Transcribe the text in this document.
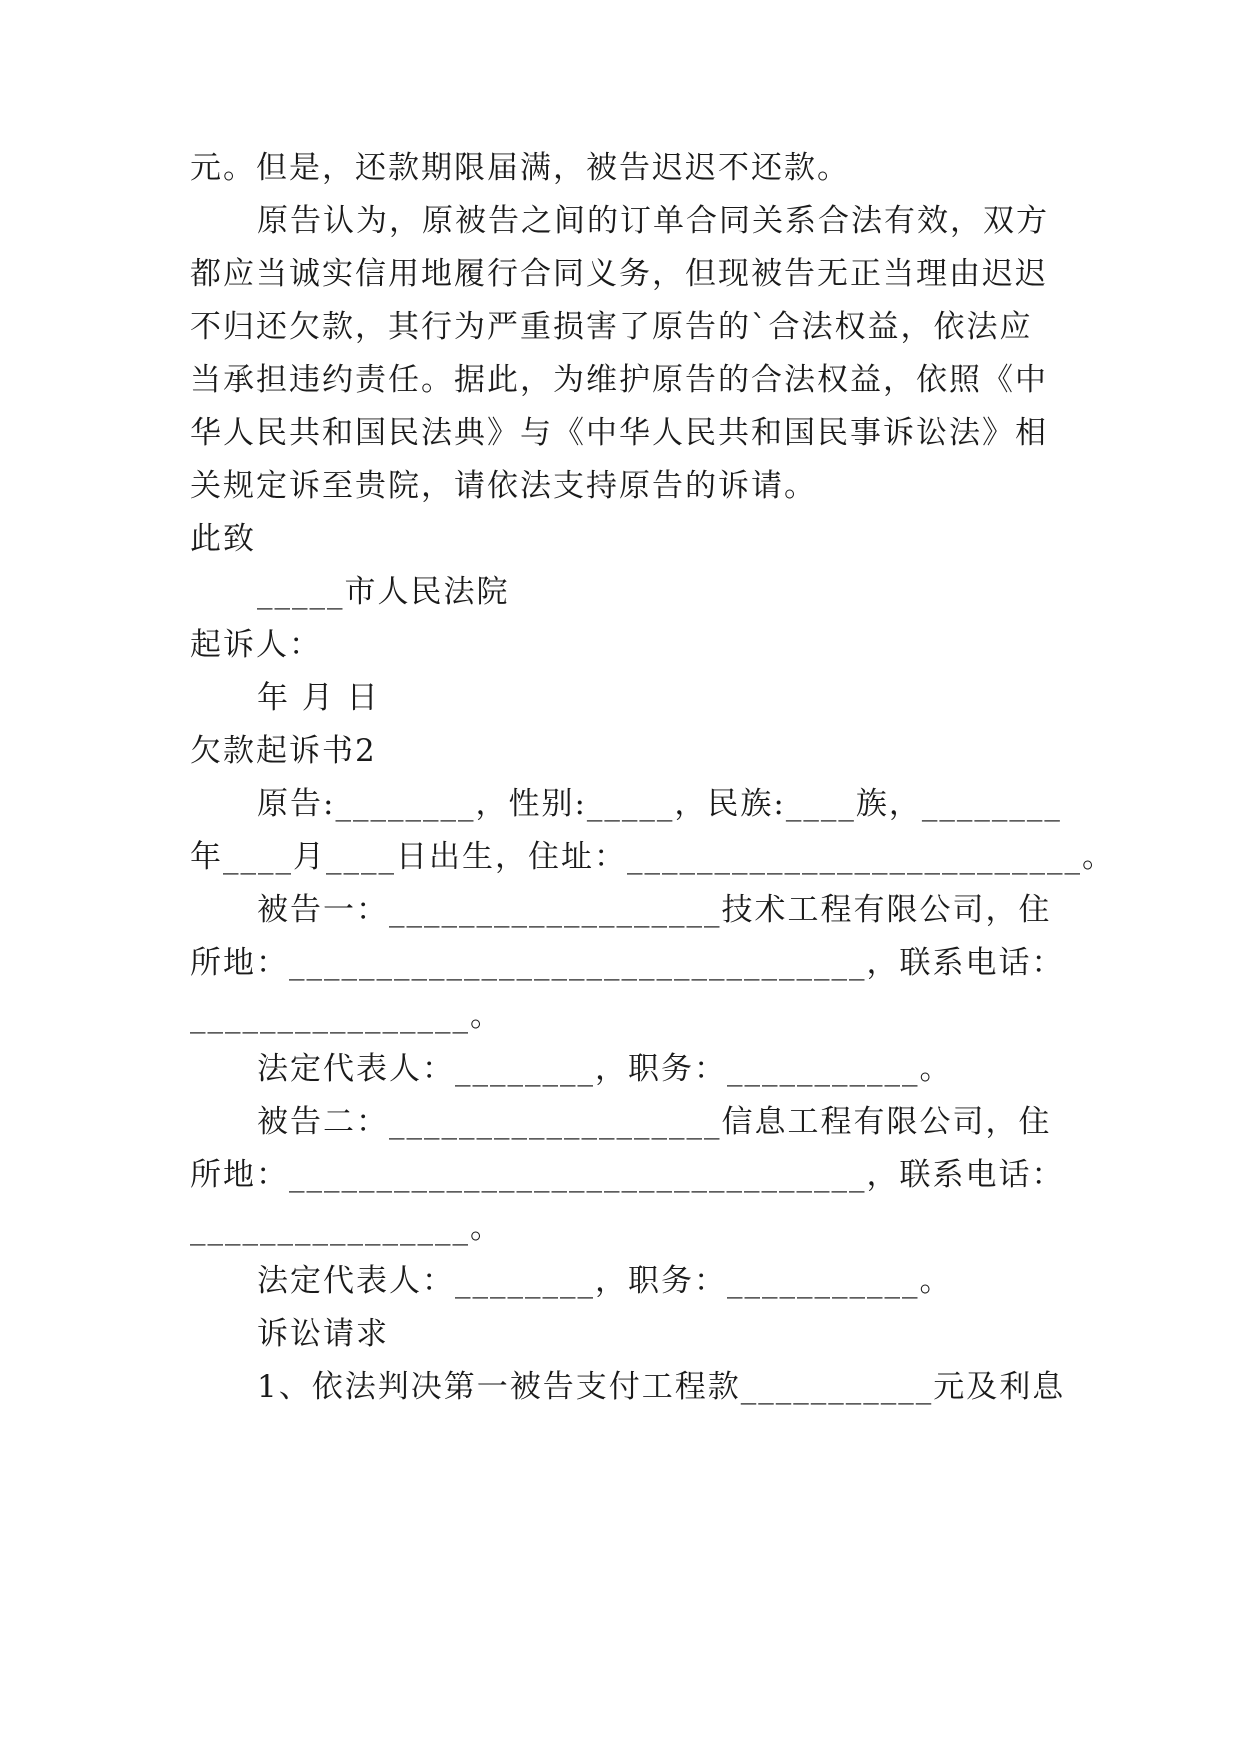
元。但是，还款期限届满，被告迟迟不还款。
原告认为，原被告之间的订单合同关系合法有效，双方
都应当诚实信用地履行合同义务，但现被告无正当理由迟迟
不归还欠款，其行为严重损害了原告的`合法权益，依法应
当承担违约责任。据此，为维护原告的合法权益，依照《中
华人民共和国民法典》与《中华人民共和国民事诉讼法》相
关规定诉至贵院，请依法支持原告的诉请。
此致
_____市人民法院
起诉人：
年 月 日
欠款起诉书2
原告:________，性别:_____，民族:____族，________
年____月____日出生，住址：__________________________。
被告一：___________________技术工程有限公司，住
所地：_________________________________，联系电话：
________________。
法定代表人：________，职务：___________。
被告二：___________________信息工程有限公司，住
所地：_________________________________，联系电话：
________________。
法定代表人：________，职务：___________。
诉讼请求
1、依法判决第一被告支付工程款___________元及利息
